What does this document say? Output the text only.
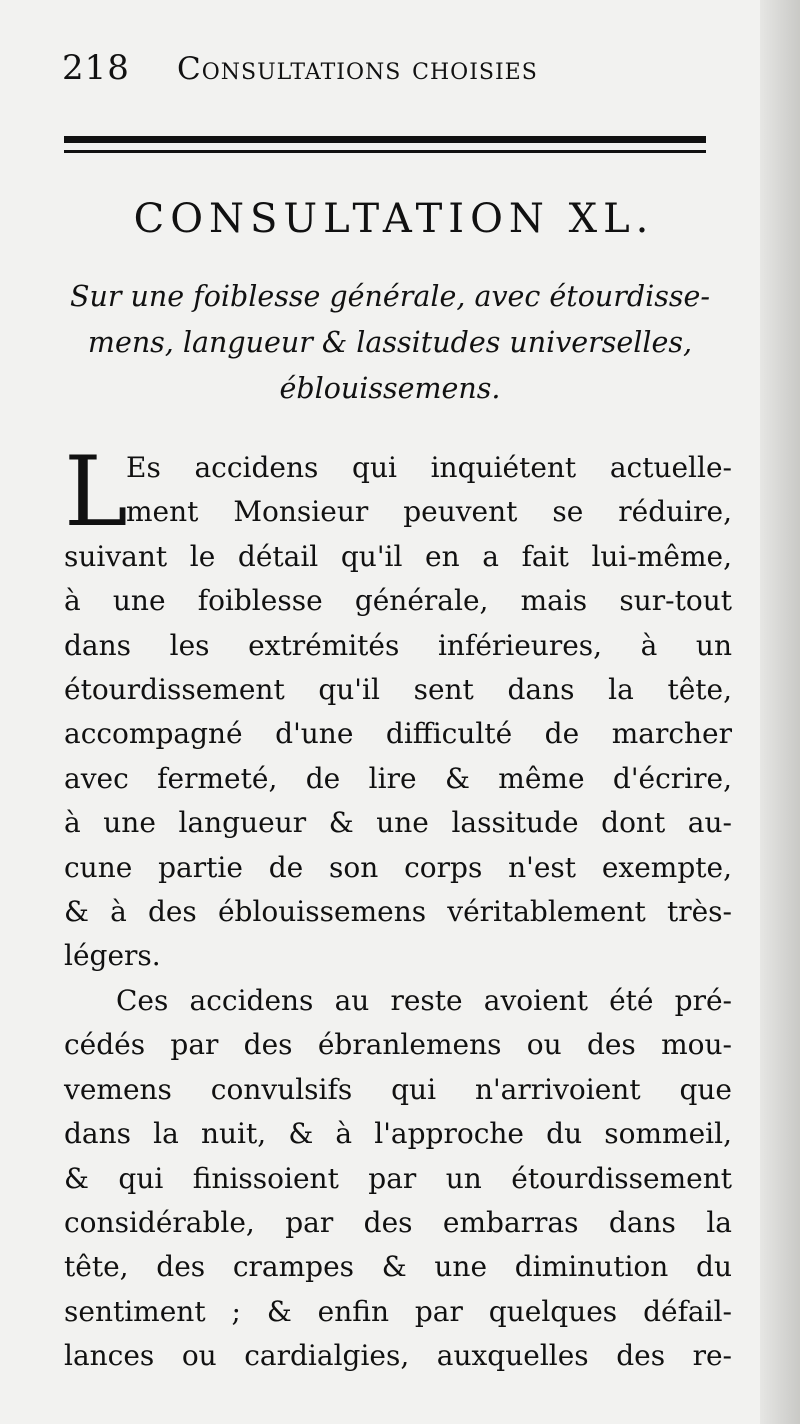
218 Consultations choisies
CONSULTATION XL.
Sur une foiblesse générale, avec étourdisse-
mens, langueur & lassitudes universelles,
éblouissemens.
L
Es accidens qui inquiétent actuelle-
ment Monsieur peuvent se réduire,
suivant le détail qu'il en a fait lui-même,
à une foiblesse générale, mais sur-tout
dans les extrémités inférieures, à un
étourdissement qu'il sent dans la tête,
accompagné d'une difficulté de marcher
avec fermeté, de lire & même d'écrire,
à une langueur & une lassitude dont au-
cune partie de son corps n'est exempte,
& à des éblouissemens véritablement très-
légers.
Ces accidens au reste avoient été pré-
cédés par des ébranlemens ou des mou-
vemens convulsifs qui n'arrivoient que
dans la nuit, & à l'approche du sommeil,
& qui finissoient par un étourdissement
considérable, par des embarras dans la
tête, des crampes & une diminution du
sentiment ; & enfin par quelques défail-
lances ou cardialgies, auxquelles des re-
